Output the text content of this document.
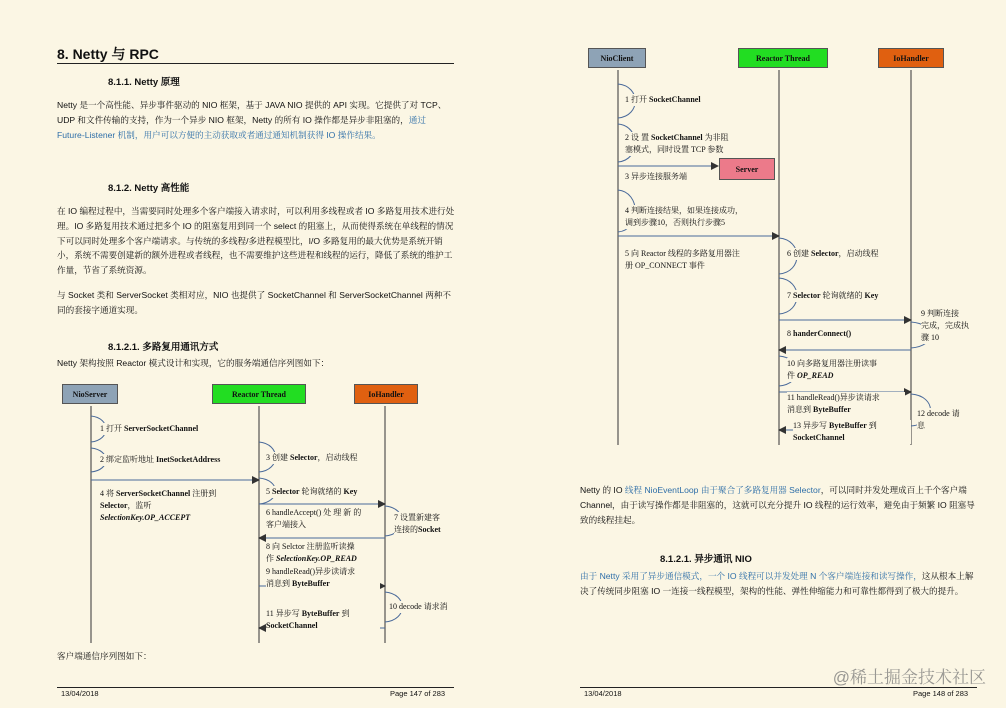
8. Netty 与 RPC
8.1.1. Netty 原理
Netty 是一个高性能、异步事件驱动的 NIO 框架，基于 JAVA NIO 提供的 API 实现。它提供了对 TCP、UDP 和文件传输的支持，作为一个异步 NIO 框架，Netty 的所有 IO 操作都是异步非阻塞的，通过 Future-Listener 机制，用户可以方便的主动获取或者通过通知机制获得 IO 操作结果。
8.1.2. Netty 高性能
在 IO 编程过程中，当需要同时处理多个客户端接入请求时，可以利用多线程或者 IO 多路复用技术进行处理。IO 多路复用技术通过把多个 IO 的阻塞复用到同一个 select 的阻塞上，从而使得系统在单线程的情况下可以同时处理多个客户端请求。与传统的多线程/多进程模型比，I/O 多路复用的最大优势是系统开销小，系统不需要创建新的额外进程或者线程，也不需要维护这些进程和线程的运行，降低了系统的维护工作量，节省了系统资源。
与 Socket 类和 ServerSocket 类相对应，NIO 也提供了 SocketChannel 和 ServerSocketChannel 两种不同的套接字通道实现。
8.1.2.1. 多路复用通讯方式
Netty 架构按照 Reactor 模式设计和实现，它的服务端通信序列图如下：
NioServer	Reactor Thread	IoHandler
1 打开 ServerSocketChannel
2 绑定监听地址 InetSocketAddress
4 将 ServerSocketChannel 注册到
Selector，监听
SelectionKey.OP_ACCEPT
3 创建 Selector，启动线程
5 Selector 轮询就绪的 Key
6 handleAccept() 处 理 新 的
客户端接入
7 设置新建客
连接的Socket
8 向 Selctor 注册监听读操
作 SelectionKey.OP_READ
9 handleRead()异步读请求
消息到 ByteBuffer
10 decode 请求消
11 异步写 ByteBuffer 到
SocketChannel
客户端通信序列图如下：
13/04/2018	Page 147 of 283
NioClient	Reactor Thread	IoHandler
Server
1 打开 SocketChannel
2 设 置 SocketChannel 为非阻
塞模式，同时设置 TCP 参数
3 异步连接服务端
4 判断连接结果，如果连接成功，
调到步骤10，否则执行步骤5
5 向 Reactor 线程的多路复用器注
册 OP_CONNECT 事件
6 创建 Selector，启动线程
7 Selector 轮询就绪的 Key
8 handerConnect()
9 判断连接
完成，完成执
骤 10
10 向多路复用器注册读事
件 OP_READ
11 handleRead()异步读请求
消息到 ByteBuffer	12 decode 请
息
13 异步写 ByteBuffer 到
SocketChannel
Netty 的 IO 线程 NioEventLoop 由于聚合了多路复用器 Selector，可以同时并发处理成百上千个客户端 Channel，由于读写操作都是非阻塞的，这就可以充分提升 IO 线程的运行效率，避免由于频繁 IO 阻塞导致的线程挂起。
8.1.2.1. 异步通讯 NIO
由于 Netty 采用了异步通信模式，一个 IO 线程可以并发处理 N 个客户端连接和读写操作，这从根本上解决了传统同步阻塞 IO 一连接一线程模型，架构的性能、弹性伸缩能力和可靠性都得到了极大的提升。
13/04/2018	Page 148 of 283
@稀土掘金技术社区
